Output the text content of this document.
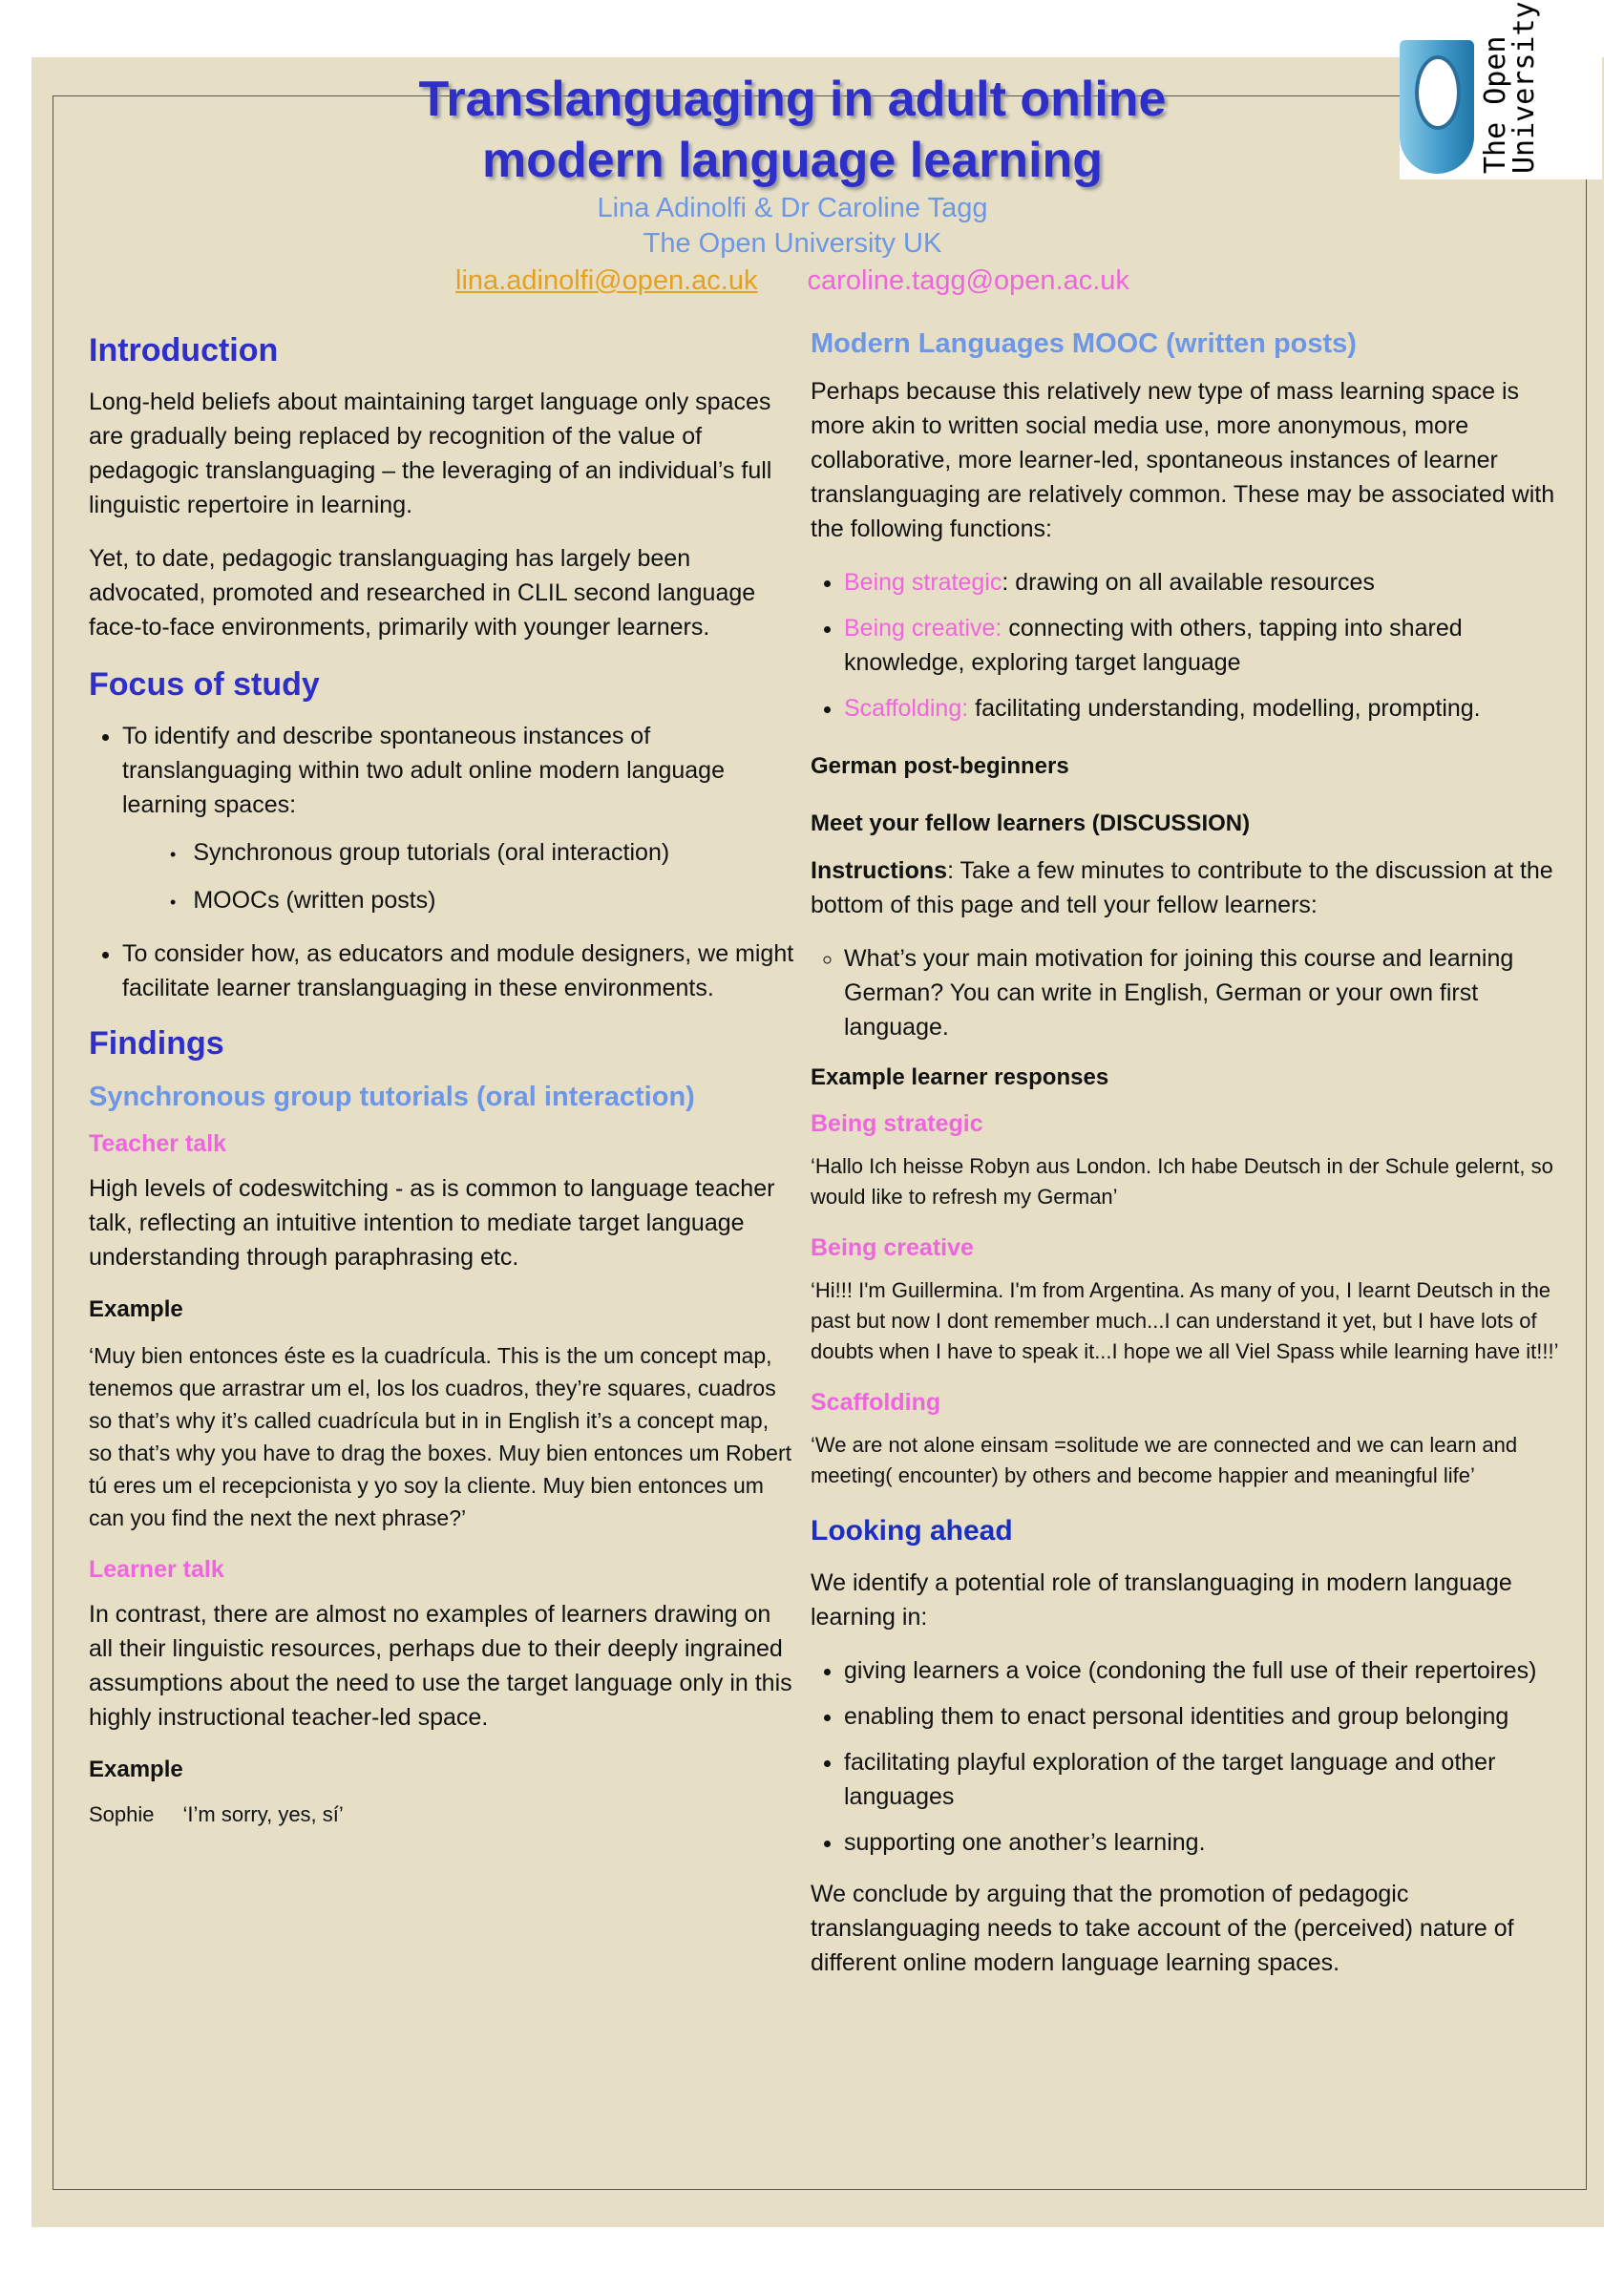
The Open
University
Translanguaging in adult online
modern language learning
Lina Adinolfi & Dr Caroline Tagg
The Open University UK
lina.adinolfi@open.ac.uk caroline.tagg@open.ac.uk
Introduction

Long-held beliefs about maintaining target language only spaces are gradually being replaced by recognition of the value of pedagogic translanguaging – the leveraging of an individual’s full linguistic repertoire in learning.

Yet, to date, pedagogic translanguaging has largely been advocated, promoted and researched in CLIL second language face-to-face environments, primarily with younger learners.

Focus of study
• To identify and describe spontaneous instances of translanguaging within two adult online modern language learning spaces:
• Synchronous group tutorials (oral interaction)
• MOOCs (written posts)
• To consider how, as educators and module designers, we might facilitate learner translanguaging in these environments.
Findings
Synchronous group tutorials (oral interaction)
Teacher talk

High levels of codeswitching - as is common to language teacher talk, reflecting an intuitive intention to mediate target language understanding through paraphrasing etc.

Example

‘Muy bien entonces éste es la cuadrícula. This is the um concept map, tenemos que arrastrar um el, los los cuadros, they’re squares, cuadros so that’s why it’s called cuadrícula but in in English it’s a concept map, so that’s why you have to drag the boxes. Muy bien entonces um Robert tú eres um el recepcionista y yo soy la cliente. Muy bien entonces um can you find the next the next phrase?’

Learner talk

In contrast, there are almost no examples of learners drawing on all their linguistic resources, perhaps due to their deeply ingrained assumptions about the need to use the target language only in this highly instructional teacher-led space.

Example

Sophie ‘I’m sorry, yes, sí’

Modern Languages MOOC (written posts)

Perhaps because this relatively new type of mass learning space is more akin to written social media use, more anonymous, more collaborative, more learner-led, spontaneous instances of learner translanguaging are relatively common. These may be associated with the following functions:

• Being strategic: drawing on all available resources
• Being creative: connecting with others, tapping into shared knowledge, exploring target language
• Scaffolding: facilitating understanding, modelling, prompting.
German post-beginners
Meet your fellow learners (DISCUSSION)

Instructions: Take a few minutes to contribute to the discussion at the bottom of this page and tell your fellow learners:

◦ What’s your main motivation for joining this course and learning German? You can write in English, German or your own first language.
Example learner responses
Being strategic

‘Hallo Ich heisse Robyn aus London. Ich habe Deutsch in der Schule gelernt, so would like to refresh my German’

Being creative

‘Hi!!! I'm Guillermina. I'm from Argentina. As many of you, I learnt Deutsch in the past but now I dont remember much...I can understand it yet, but I have lots of doubts when I have to speak it...I hope we all Viel Spass while learning have it!!!’

Scaffolding

‘We are not alone einsam =solitude we are connected and we can learn and meeting( encounter) by others and become happier and meaningful life’

Looking ahead

We identify a potential role of translanguaging in modern language learning in:

• giving learners a voice (condoning the full use of their repertoires)
• enabling them to enact personal identities and group belonging
• facilitating playful exploration of the target language and other languages
• supporting one another’s learning.

We conclude by arguing that the promotion of pedagogic translanguaging needs to take account of the (perceived) nature of different online modern language learning spaces.
